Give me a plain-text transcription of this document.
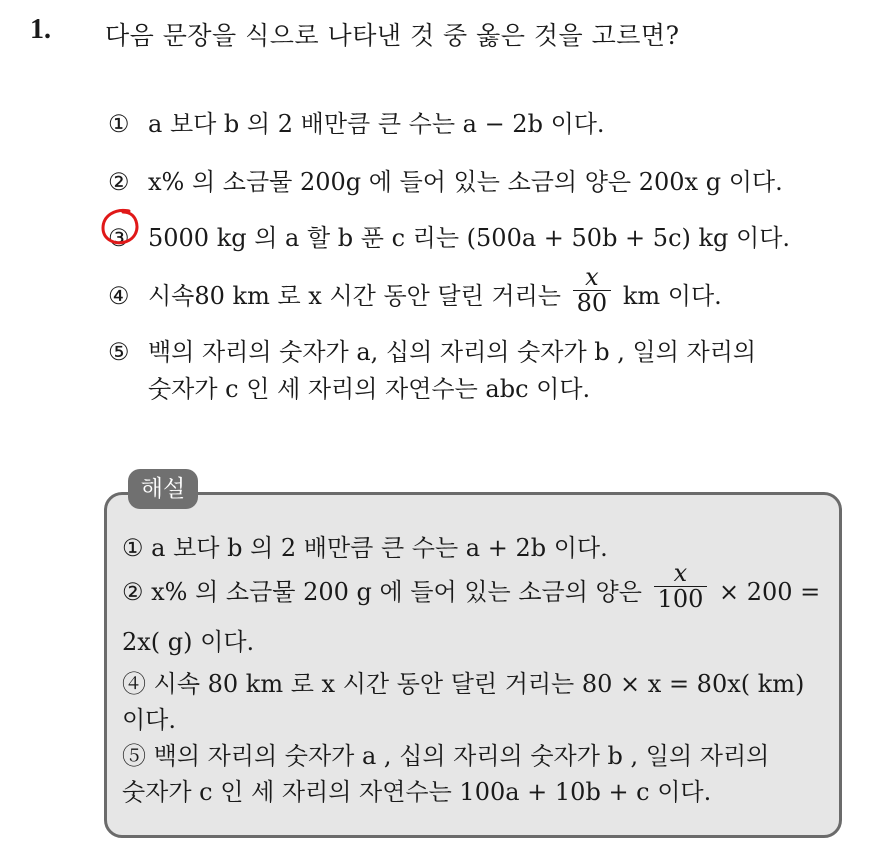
1. 다음 문장을 식으로 나타낸 것 중 옳은 것을 고르면?
① a 보다 b 의 2 배만큼 큰 수는 a − 2b 이다.
② x% 의 소금물 200g 에 들어 있는 소금의 양은 200x g 이다.
③ 5000 kg 의 a 할 b 푼 c 리는 (500a + 50b + 5c) kg 이다.
④ 시속80 km 로 x 시간 동안 달린 거리는 $\frac{x}{80}$ km 이다.
⑤ 백의 자리의 숫자가 a, 십의 자리의 숫자가 b , 일의 자리의
숫자가 c 인 세 자리의 자연수는 abc 이다.
해설
① a 보다 b 의 2 배만큼 큰 수는 a + 2b 이다.
② x% 의 소금물 200 g 에 들어 있는 소금의 양은 $\frac{x}{100} \times 200$ =
2x( g) 이다.
④ 시속 80 km 로 x 시간 동안 달린 거리는 80 × x = 80x( km)
이다.
⑤ 백의 자리의 숫자가 a , 십의 자리의 숫자가 b , 일의 자리의
숫자가 c 인 세 자리의 자연수는 100a + 10b + c 이다.
